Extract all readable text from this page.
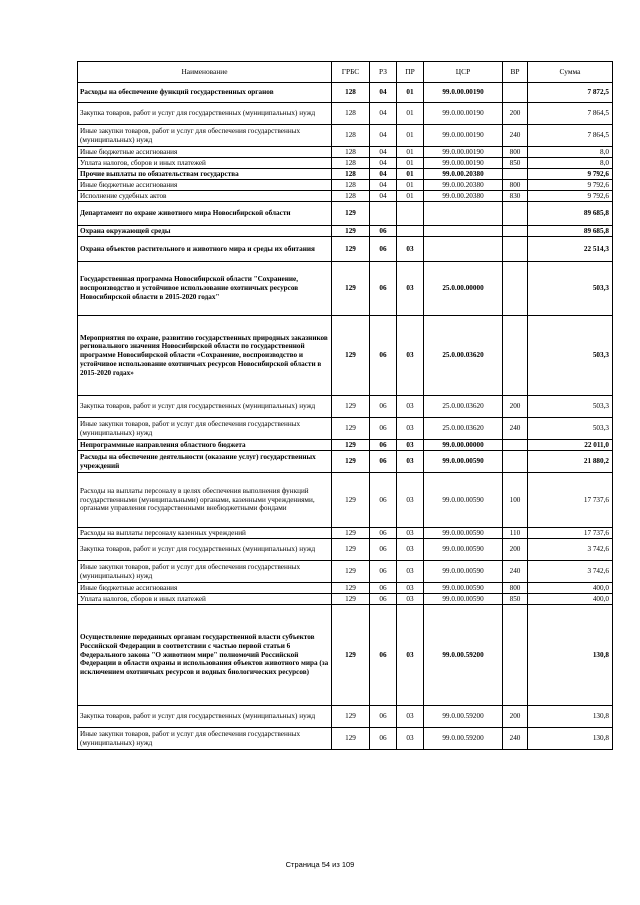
Наименование	ГРБС	РЗ	ПР	ЦСР	ВР	Сумма
Расходы на обеспечение функций государственных органов	128	04	01	99.0.00.00190		7 872,5
Закупка товаров, работ и услуг для государственных (муниципальных) нужд	128	04	01	99.0.00.00190	200	7 864,5
Иные закупки товаров, работ и услуг для обеспечения государственных (муниципальных) нужд	128	04	01	99.0.00.00190	240	7 864,5
Иные бюджетные ассигнования	128	04	01	99.0.00.00190	800	8,0
Уплата налогов, сборов и иных платежей	128	04	01	99.0.00.00190	850	8,0
Прочие выплаты по обязательствам государства	128	04	01	99.0.00.20380		9 792,6
Иные бюджетные ассигнования	128	04	01	99.0.00.20380	800	9 792,6
Исполнение судебных актов	128	04	01	99.0.00.20380	830	9 792,6
Департамент по охране животного мира Новосибирской области	129					89 685,8
Охрана окружающей среды	129	06				89 685,8
Охрана объектов растительного и животного мира и среды их обитания	129	06	03			22 514,3
Государственная программа Новосибирской области "Сохранение, воспроизводство и устойчивое использование охотничьих ресурсов Новосибирской области в 2015-2020 годах"	129	06	03	25.0.00.00000		503,3
Мероприятия по охране, развитию государственных природных заказников регионального значения Новосибирской области по государственной программе Новосибирской области «Сохранение, воспроизводство и устойчивое использование охотничьих ресурсов Новосибирской области в 2015-2020 годах»	129	06	03	25.0.00.03620		503,3
Закупка товаров, работ и услуг для государственных (муниципальных) нужд	129	06	03	25.0.00.03620	200	503,3
Иные закупки товаров, работ и услуг для обеспечения государственных (муниципальных) нужд	129	06	03	25.0.00.03620	240	503,3
Непрограммные направления областного бюджета	129	06	03	99.0.00.00000		22 011,0
Расходы на обеспечение деятельности (оказание услуг) государственных учреждений	129	06	03	99.0.00.00590		21 880,2
Расходы на выплаты персоналу в целях обеспечения выполнения функций государственными (муниципальными) органами, казенными учреждениями, органами управления государственными внебюджетными фондами	129	06	03	99.0.00.00590	100	17 737,6
Расходы на выплаты персоналу казенных учреждений	129	06	03	99.0.00.00590	110	17 737,6
Закупка товаров, работ и услуг для государственных (муниципальных) нужд	129	06	03	99.0.00.00590	200	3 742,6
Иные закупки товаров, работ и услуг для обеспечения государственных (муниципальных) нужд	129	06	03	99.0.00.00590	240	3 742,6
Иные бюджетные ассигнования	129	06	03	99.0.00.00590	800	400,0
Уплата налогов, сборов и иных платежей	129	06	03	99.0.00.00590	850	400,0
Осуществление переданных органам государственной власти субъектов Российской Федерации в соответствии с частью первой статьи 6 Федерального закона "О животном мире" полномочий Российской Федерации в области охраны и использования объектов животного мира (за исключением охотничьих ресурсов и водных биологических ресурсов)	129	06	03	99.0.00.59200		130,8
Закупка товаров, работ и услуг для государственных (муниципальных) нужд	129	06	03	99.0.00.59200	200	130,8
Иные закупки товаров, работ и услуг для обеспечения государственных (муниципальных) нужд	129	06	03	99.0.00.59200	240	130,8
Страница 54 из 109
